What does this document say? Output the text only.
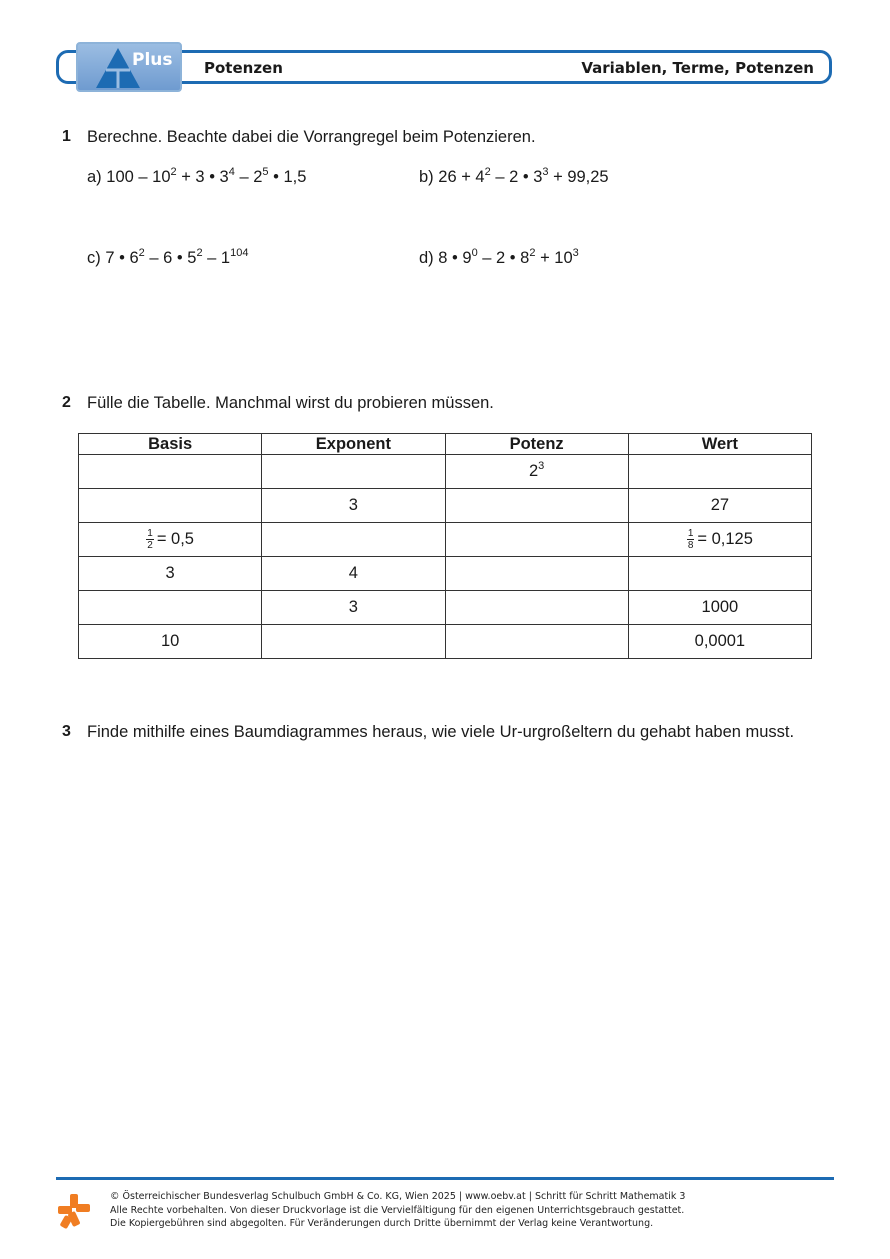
Plus Potenzen	Variablen, Terme, Potenzen
1 Berechne. Beachte dabei die Vorrangregel beim Potenzieren.
a) $100 - 10^2 + 3$ • $3^4 - 2^5$ • 1,5	b) $26 + 4^2 - 2$ • $3^3 + 99,25$
c) 7 • $6^2 - 6$ • $5^2 - 1^{104}$	d) 8 • $9^0 - 2$ • $8^2 + 10^3$
2 Fülle die Tabelle. Manchmal wirst du probieren müssen.
Basis	Exponent	Potenz	Wert
		$2^3$	
	3		27

$\frac{1}{2} = 0,5$			$\frac{1}{8} = 0,125$
3	4		
	3		1000
10			0,0001
3 Finde mithilfe eines Baumdiagrammes heraus, wie viele Ur-urgroßeltern du gehabt haben musst.
© Österreichischer Bundesverlag Schulbuch GmbH & Co. KG, Wien 2025 | www.oebv.at | Schritt für Schritt Mathematik 3
Alle Rechte vorbehalten. Von dieser Druckvorlage ist die Vervielfältigung für den eigenen Unterrichtsgebrauch gestattet.
Die Kopiergebühren sind abgegolten. Für Veränderungen durch Dritte übernimmt der Verlag keine Verantwortung.
